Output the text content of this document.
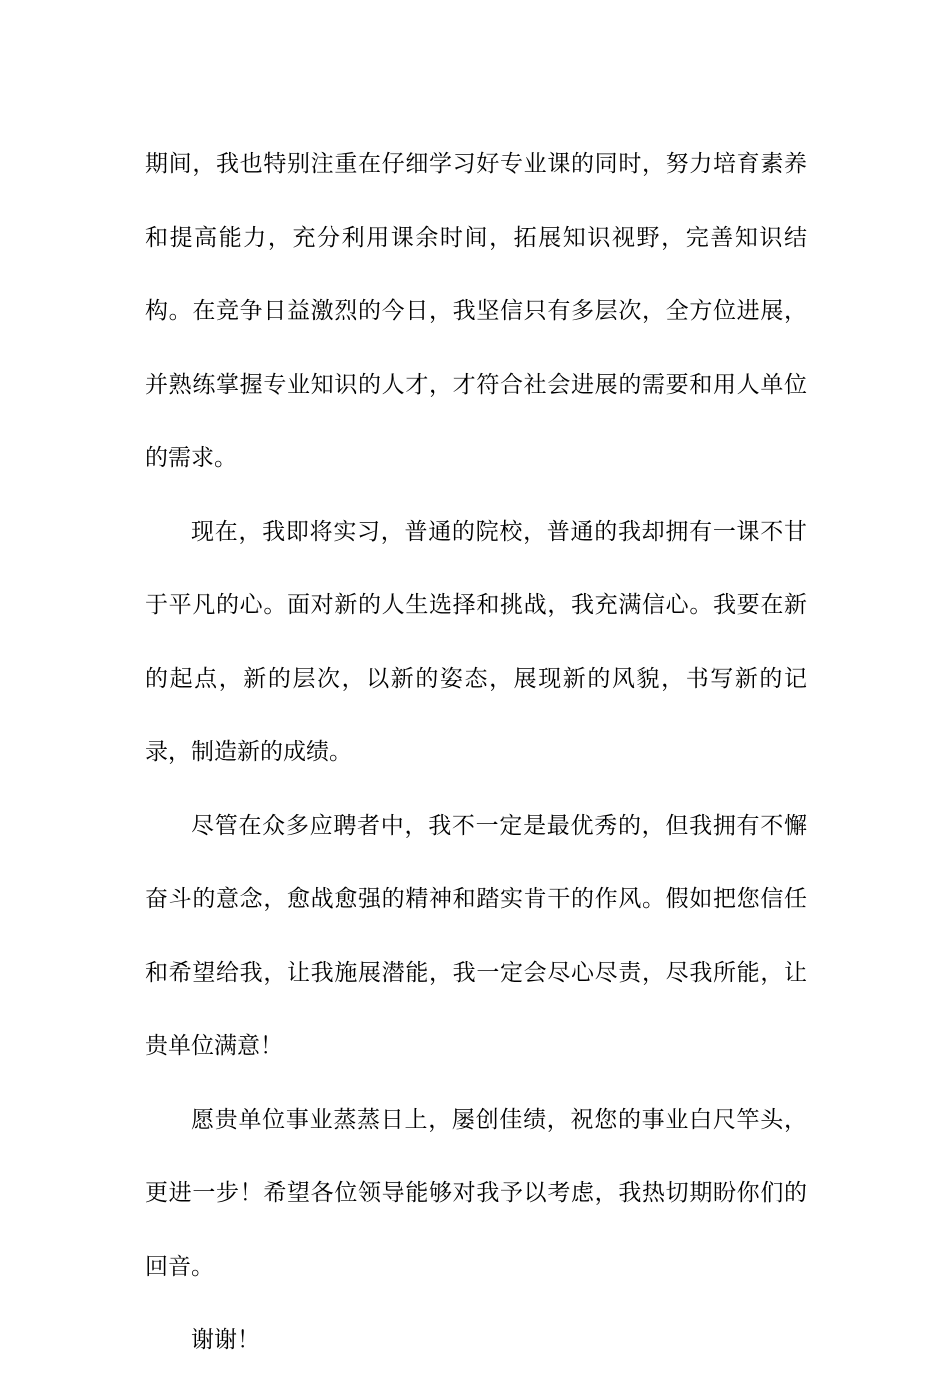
期间，我也特别注重在仔细学习好专业课的同时，努力培育素养和提高能力，充分利用课余时间，拓展知识视野，完善知识结构。在竞争日益激烈的今日，我坚信只有多层次，全方位进展，并熟练掌握专业知识的人才，才符合社会进展的需要和用人单位的需求。

现在，我即将实习，普通的院校，普通的我却拥有一课不甘于平凡的心。面对新的人生选择和挑战，我充满信心。我要在新的起点，新的层次，以新的姿态，展现新的风貌，书写新的记录，制造新的成绩。

尽管在众多应聘者中，我不一定是最优秀的，但我拥有不懈奋斗的意念，愈战愈强的精神和踏实肯干的作风。假如把您信任和希望给我，让我施展潜能，我一定会尽心尽责，尽我所能，让贵单位满意！

愿贵单位事业蒸蒸日上，屡创佳绩，祝您的事业白尺竿头，更进一步！希望各位领导能够对我予以考虑，我热切期盼你们的回音。

谢谢！
